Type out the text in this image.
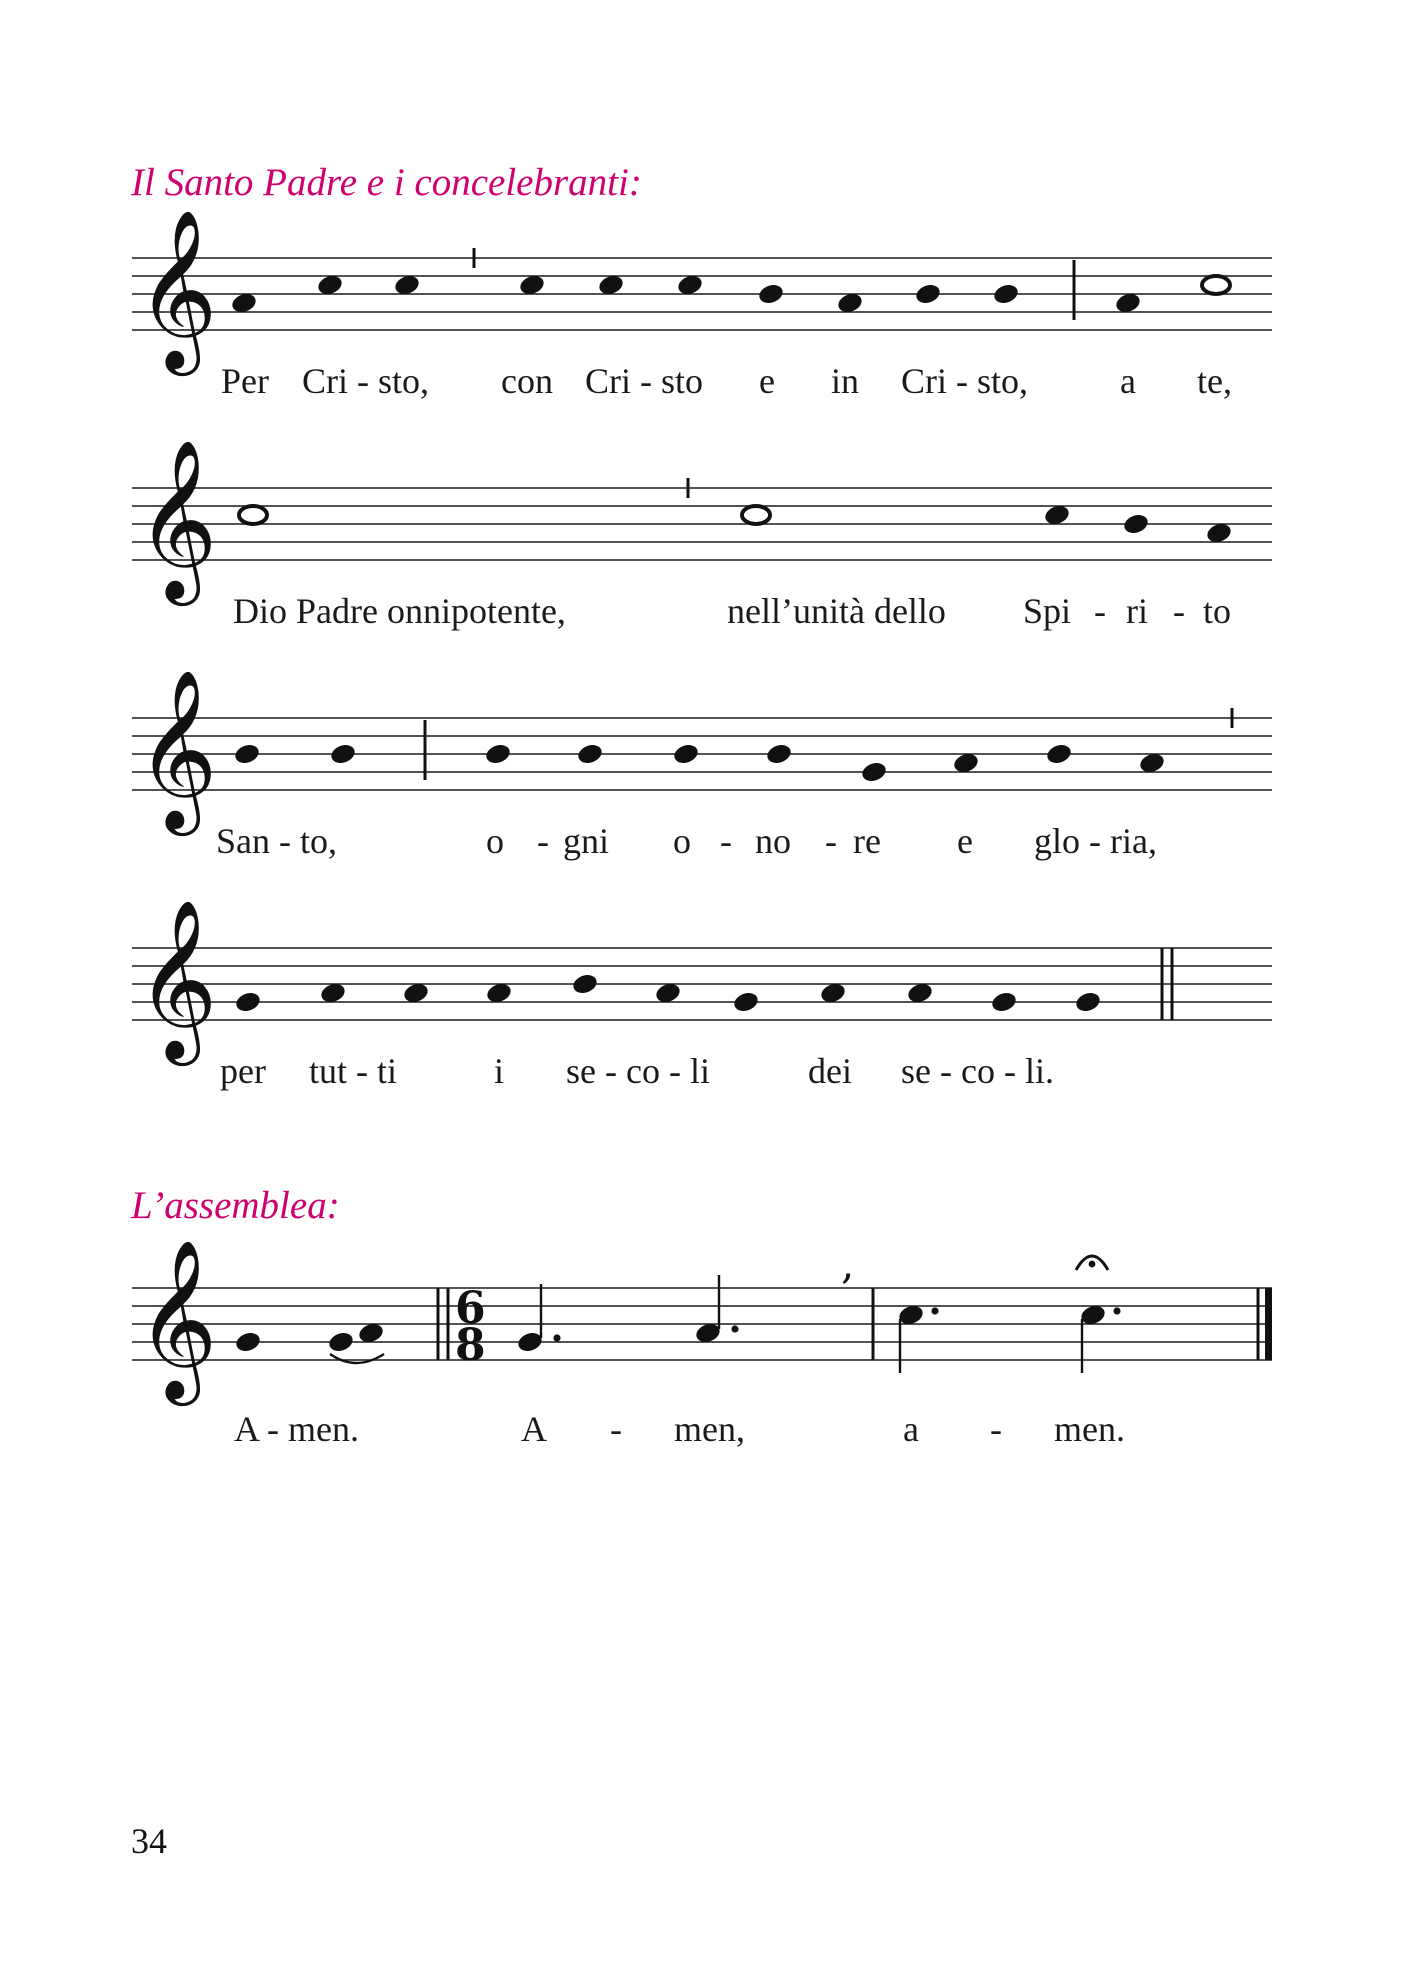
Il Santo Padre e i concelebranti:
𝄞
Per Cri - sto, con Cri - sto e in Cri - sto,	a te,
𝄞
Dio Padre onnipotente,	nell’unità dello Spi - ri - to
𝄞
San - to,	o - gni o - no - re e glo - ria,
𝄞
per tut - ti	i se - co - li	dei se - co - li.
L’assemblea:
𝄞	6
8
,
A - men.	A - men,	a - men.
34
